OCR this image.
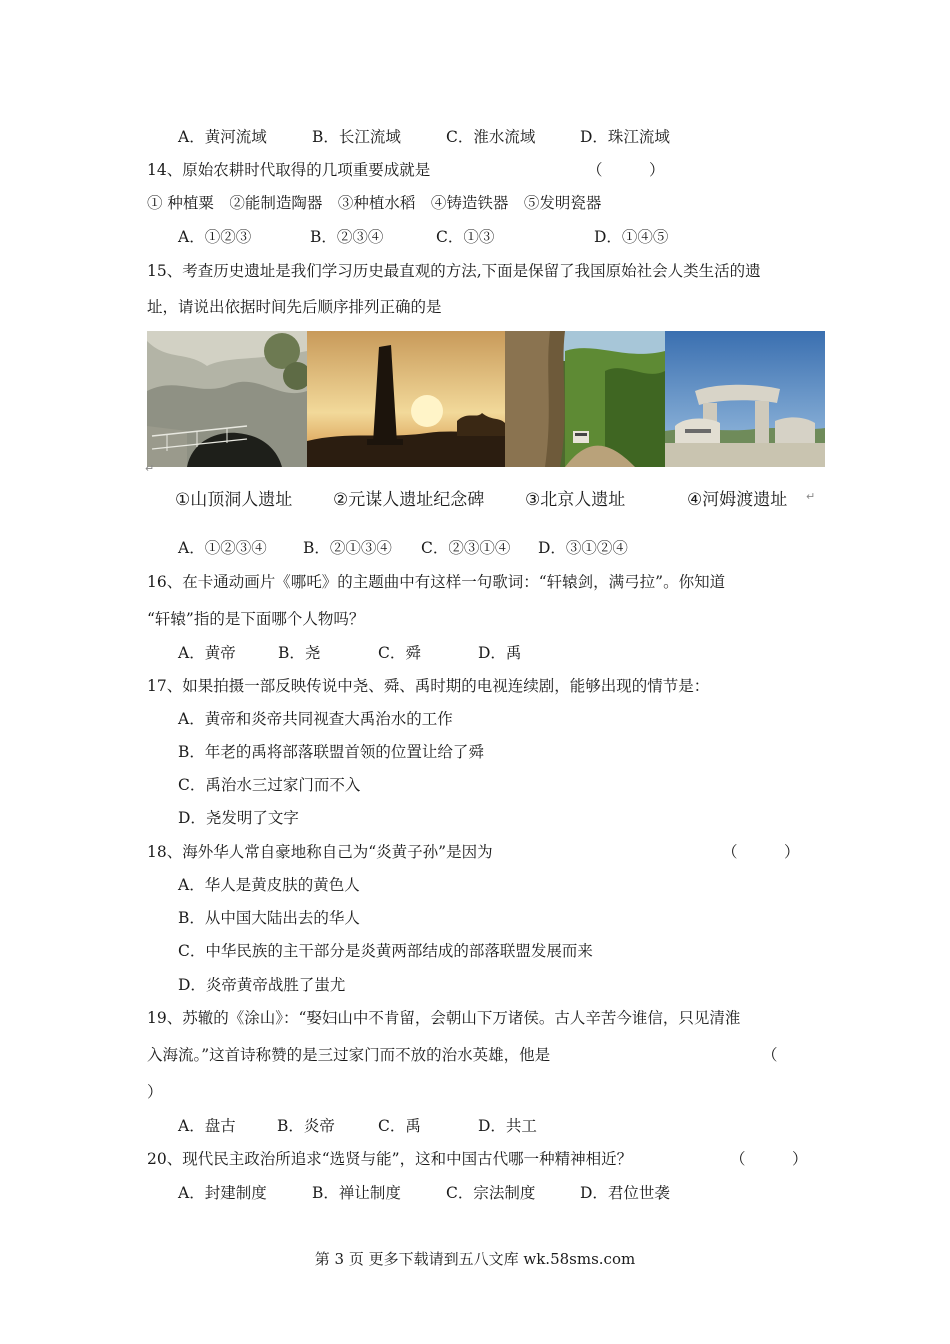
A．黄河流域	B．长江流域	C．淮水流域	D．珠江流域
14、原始农耕时代取得的几项重要成就是	（　　　）
① 种植粟　②能制造陶器　③种植水稻　④铸造铁器　⑤发明瓷器
A．①②③	B．②③④	C．①③	D．①④⑤
15、考查历史遗址是我们学习历史最直观的方法,下面是保留了我国原始社会人类生活的遗
址，请说出依据时间先后顺序排列正确的是
↵
①山顶洞人遗址 ②元谋人遗址纪念碑 ③北京人遗址	④河姆渡遗址 ↵
A．①②③④ B．②①③④ C．②③①④ D．③①②④
16、在卡通动画片《哪吒》的主题曲中有这样一句歌词：“轩辕剑，满弓拉”。你知道
“轩辕”指的是下面哪个人物吗？
A．黄帝	B．尧	C．舜	D．禹
17、如果拍摄一部反映传说中尧、舜、禹时期的电视连续剧，能够出现的情节是：
A．黄帝和炎帝共同视查大禹治水的工作
B．年老的禹将部落联盟首领的位置让给了舜
C．禹治水三过家门而不入
D．尧发明了文字
18、海外华人常自豪地称自己为“炎黄子孙”是因为	（　　　）
A．华人是黄皮肤的黄色人
B．从中国大陆出去的华人
C．中华民族的主干部分是炎黄两部结成的部落联盟发展而来
D．炎帝黄帝战胜了蚩尤
19、苏辙的《涂山》：“娶妇山中不肯留，会朝山下万诸侯。古人辛苦今谁信，只见清淮
入海流。”这首诗称赞的是三过家门而不放的治水英雄，他是	（
）
A．盘古	B．炎帝	C．禹	D．共工
20、现代民主政治所追求“选贤与能”，这和中国古代哪一种精神相近？	（　　　）
A．封建制度	B．禅让制度	C．宗法制度	D．君位世袭
第 3 页 更多下载请到五八文库 wk.58sms.com
